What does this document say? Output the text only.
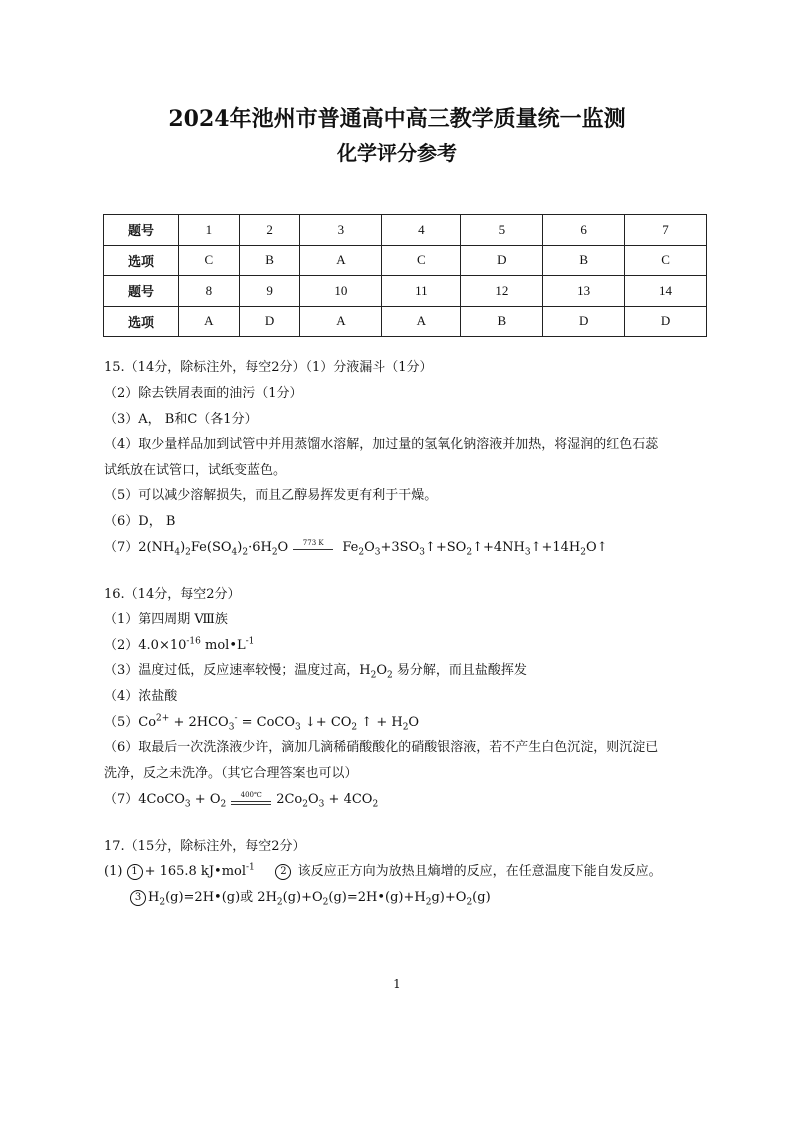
2024年池州市普通高中高三教学质量统一监测
化学评分参考
题号	1	2	3	4	5	6	7
选项	C	B	A	C	D	B	C
题号	8	9	10	11	12	13	14
选项	A	D	A	A	B	D	D
15.（14分，除标注外，每空2分）（1）分液漏斗（1分）
（2）除去铁屑表面的油污（1分）
（3）A， B和C（各1分）
（4）取少量样品加到试管中并用蒸馏水溶解，加过量的氢氧化钠溶液并加热，将湿润的红色石蕊
试纸放在试管口，试纸变蓝色。
（5）可以减少溶解损失，而且乙醇易挥发更有利于干燥。
（6）D， B
$(7)2(NH_4)_2Fe(SO_4)_2\cdot 6H_2O$	773 K	$Fe_2O_3+3SO_3↑+SO_2↑+4NH_3↑+14H_2O↑$
16.（14分，每空2分）
（1）第四周期 Ⅷ族
$(2)4.0\times 10^{-16}$ $mol•L^{-1}$
（3）温度过低，反应速率较慢；温度过高，$H_2O_2$ 易分解，而且盐酸挥发
（4）浓盐酸
$(5)Co^{2+} + 2HCO_3^-$ = CoCO$_3$ ↓+ $CO_2$ ↑ + $H_2O$
（6）取最后一次洗涤液少许，滴加几滴稀硝酸酸化的硝酸银溶液，若不产生白色沉淀，则沉淀已
洗净，反之未洗净。（其它合理答案也可以）
（7）4CoCO$_3$ + $O_2$
400℃	$2Co_2O_3 + 4CO_2$
17.（15分，除标注外，每空2分）
(1) 1 + 165.8 kJ•mol$^{-1}$	2 该反应正方向为放热且熵增的反应，在任意温度下能自发反应。
3 $H_2(g)=2H•(g)$或 $2H_2(g)+O_2(g)=2H•(g)+H_2g)+O_2(g)$
1
